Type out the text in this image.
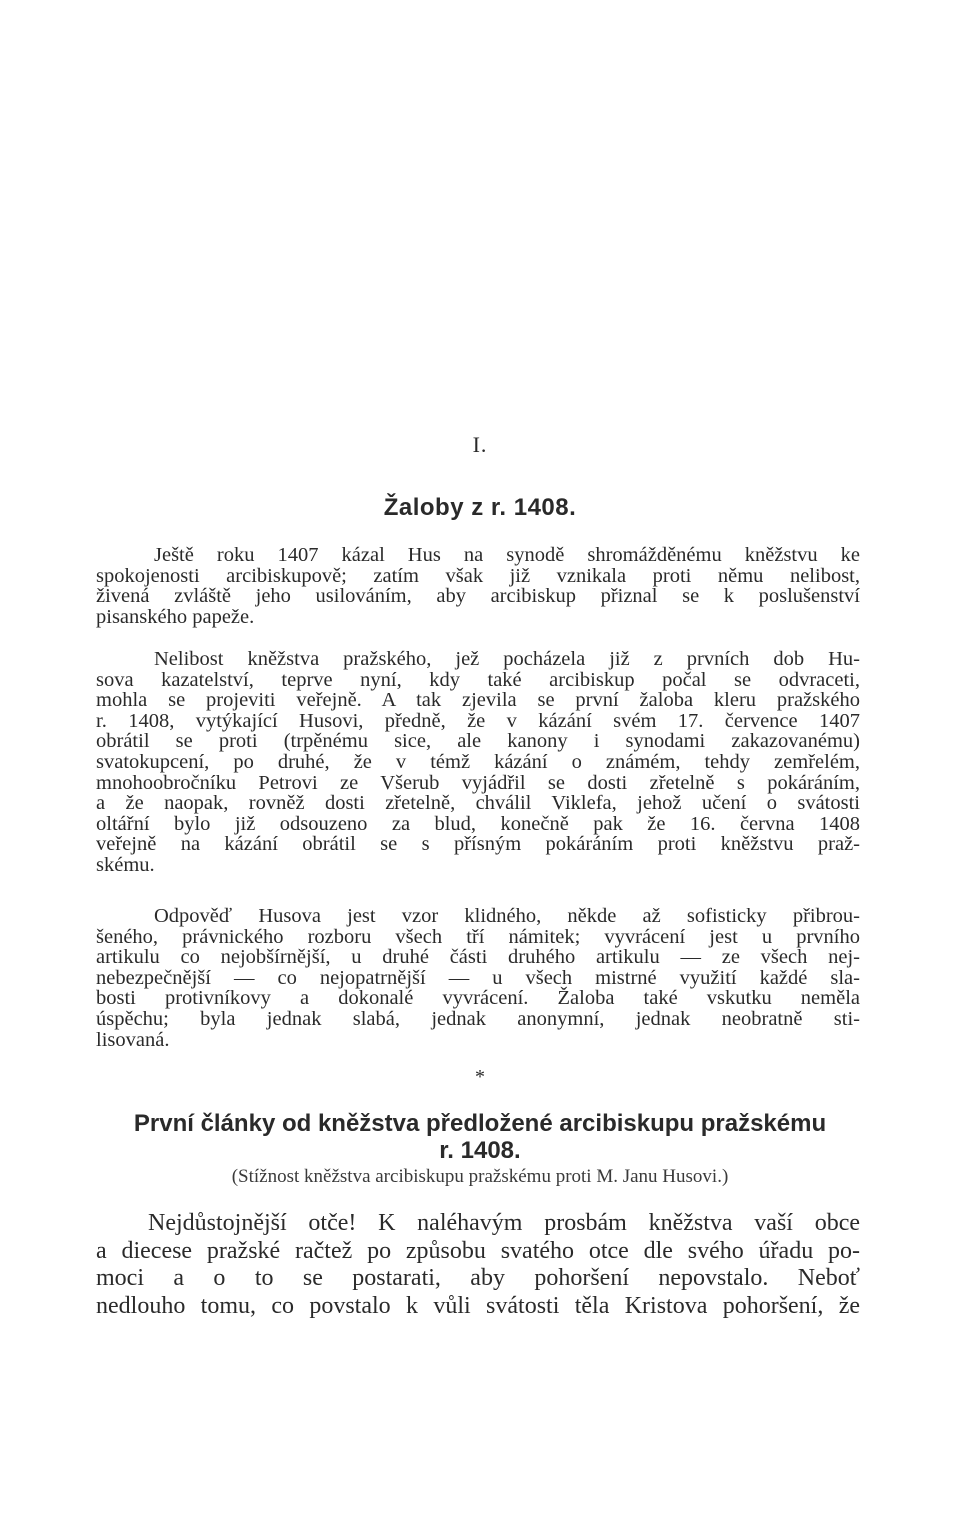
I.
Žaloby z r. 1408.
Ještě roku 1407 kázal Hus na synodě shromážděnému kněžstvu ke
spokojenosti arcibiskupově; zatím však již vznikala proti němu nelibost,
živená zvláště jeho usilováním, aby arcibiskup přiznal se k poslušenství
pisanského papeže.
Nelibost kněžstva pražského, jež pocházela již z prvních dob Hu-
sova kazatelství, teprve nyní, kdy také arcibiskup počal se odvraceti,
mohla se projeviti veřejně. A tak zjevila se první žaloba kleru pražského
r. 1408, vytýkající Husovi, předně, že v kázání svém 17. července 1407
obrátil se proti (trpěnému sice, ale kanony i synodami zakazovanému)
svatokupcení, po druhé, že v témž kázání o známém, tehdy zemřelém,
mnohoobročníku Petrovi ze Všerub vyjádřil se dosti zřetelně s pokáráním,
a že naopak, rovněž dosti zřetelně, chválil Viklefa, jehož učení o svátosti
oltářní bylo již odsouzeno za blud, konečně pak že 16. června 1408
veřejně na kázání obrátil se s přísným pokáráním proti kněžstvu praž-
skému.
Odpověď Husova jest vzor klidného, někde až sofisticky přibrou-
šeného, právnického rozboru všech tří námitek; vyvrácení jest u prvního
artikulu co nejobšírnější, u druhé části druhého artikulu — ze všech nej-
nebezpečnější — co nejopatrnější — u všech mistrné využití každé sla-
bosti protivníkovy a dokonalé vyvrácení. Žaloba také vskutku neměla
úspěchu; byla jednak slabá, jednak anonymní, jednak neobratně sti-
lisovaná.
*
První články od kněžstva předložené arcibiskupu pražskému
r. 1408.
(Stížnost kněžstva arcibiskupu pražskému proti M. Janu Husovi.)
Nejdůstojnější otče! K naléhavým prosbám kněžstva vaší obce
a diecese pražské račtež po způsobu svatého otce dle svého úřadu po-
moci a o to se postarati, aby pohoršení nepovstalo. Neboť
nedlouho tomu, co povstalo k vůli svátosti těla Kristova pohoršení, že
